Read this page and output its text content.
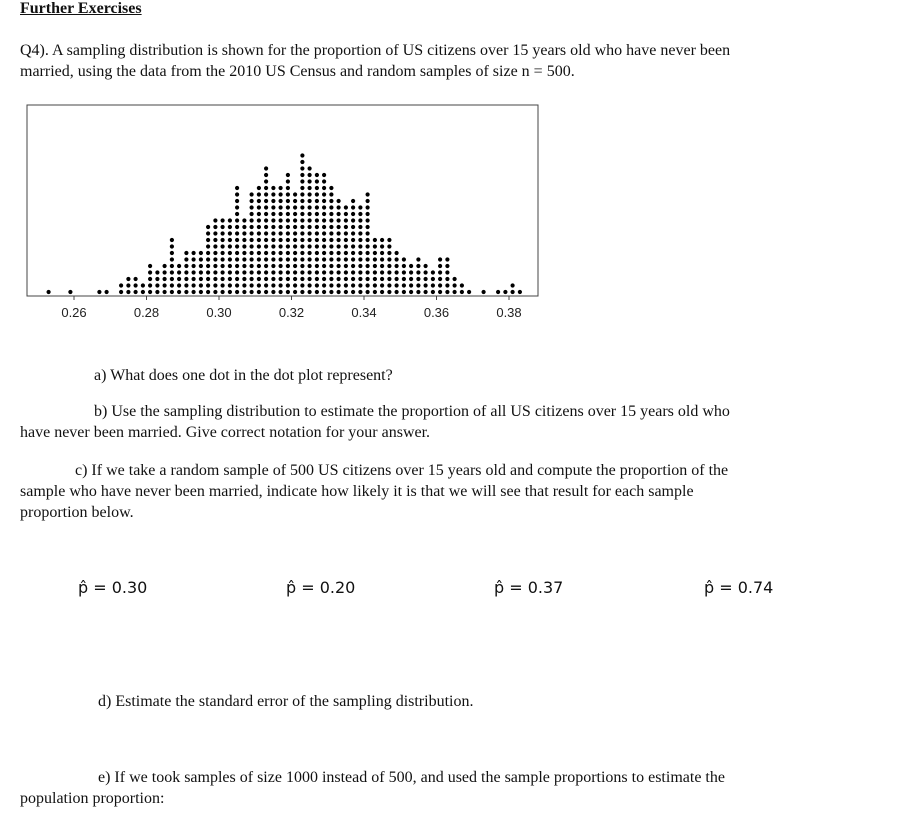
Further Exercises
Q4). A sampling distribution is shown for the proportion of US citizens over 15 years old who have never been
married, using the data from the 2010 US Census and random samples of size n = 500.
0.26	0.28	0.30	0.32	0.34	0.36	0.38
a) What does one dot in the dot plot represent?
b) Use the sampling distribution to estimate the proportion of all US citizens over 15 years old who
have never been married. Give correct notation for your answer.
c) If we take a random sample of 500 US citizens over 15 years old and compute the proportion of the
sample who have never been married, indicate how likely it is that we will see that result for each sample
proportion below.
p̂ = 0.30	p̂ = 0.20	p̂ = 0.37	p̂ = 0.74
d) Estimate the standard error of the sampling distribution.
e) If we took samples of size 1000 instead of 500, and used the sample proportions to estimate the
population proportion:
